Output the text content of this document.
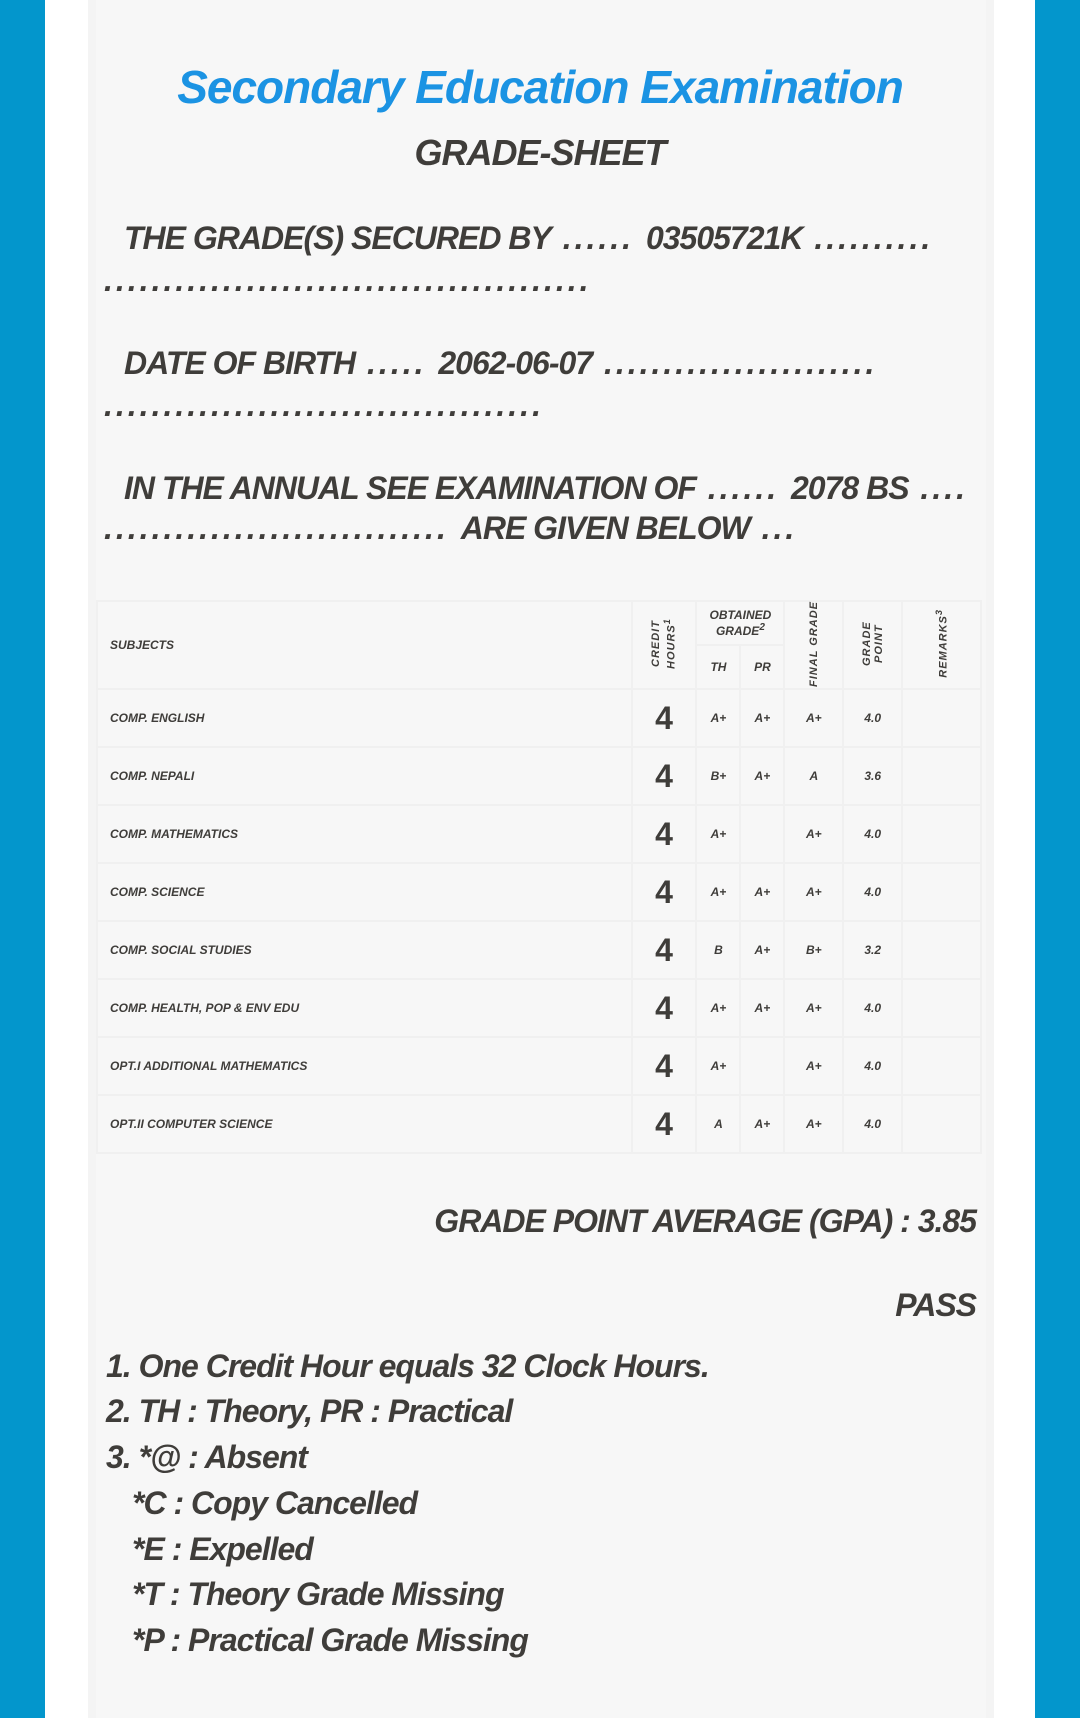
Secondary Education Examination
GRADE-SHEET
THE GRADE(S) SECURED BY ...... 03505721K ..........
.........................................
DATE OF BIRTH ..... 2062-06-07 .......................
.....................................
IN THE ANNUAL SEE EXAMINATION OF ...... 2078 BS ....
............................. ARE GIVEN BELOW ...
SUBJECTS	CREDIT HOURS$^1$	OBTAINED GRADE$^2$		FINAL GRADE	GRADE POINT	REMARKS$^3$
		TH	PR			
COMP. ENGLISH	4	A+	A+	A+	4.0	
COMP. NEPALI	4	B+	A+	A	3.6	
COMP. MATHEMATICS	4	A+		A+	4.0	
COMP. SCIENCE	4	A+	A+	A+	4.0	
COMP. SOCIAL STUDIES	4	B	A+	B+	3.2	
COMP. HEALTH, POP & ENV EDU	4	A+	A+	A+	4.0	
OPT.I ADDITIONAL MATHEMATICS	4	A+		A+	4.0	
OPT.II COMPUTER SCIENCE	4	A	A+	A+	4.0	
GRADE POINT AVERAGE (GPA) : 3.85
PASS
1. One Credit Hour equals 32 Clock Hours.
2. TH : Theory, PR : Practical
3. *@ : Absent
*C : Copy Cancelled
*E : Expelled
*T : Theory Grade Missing
*P : Practical Grade Missing
